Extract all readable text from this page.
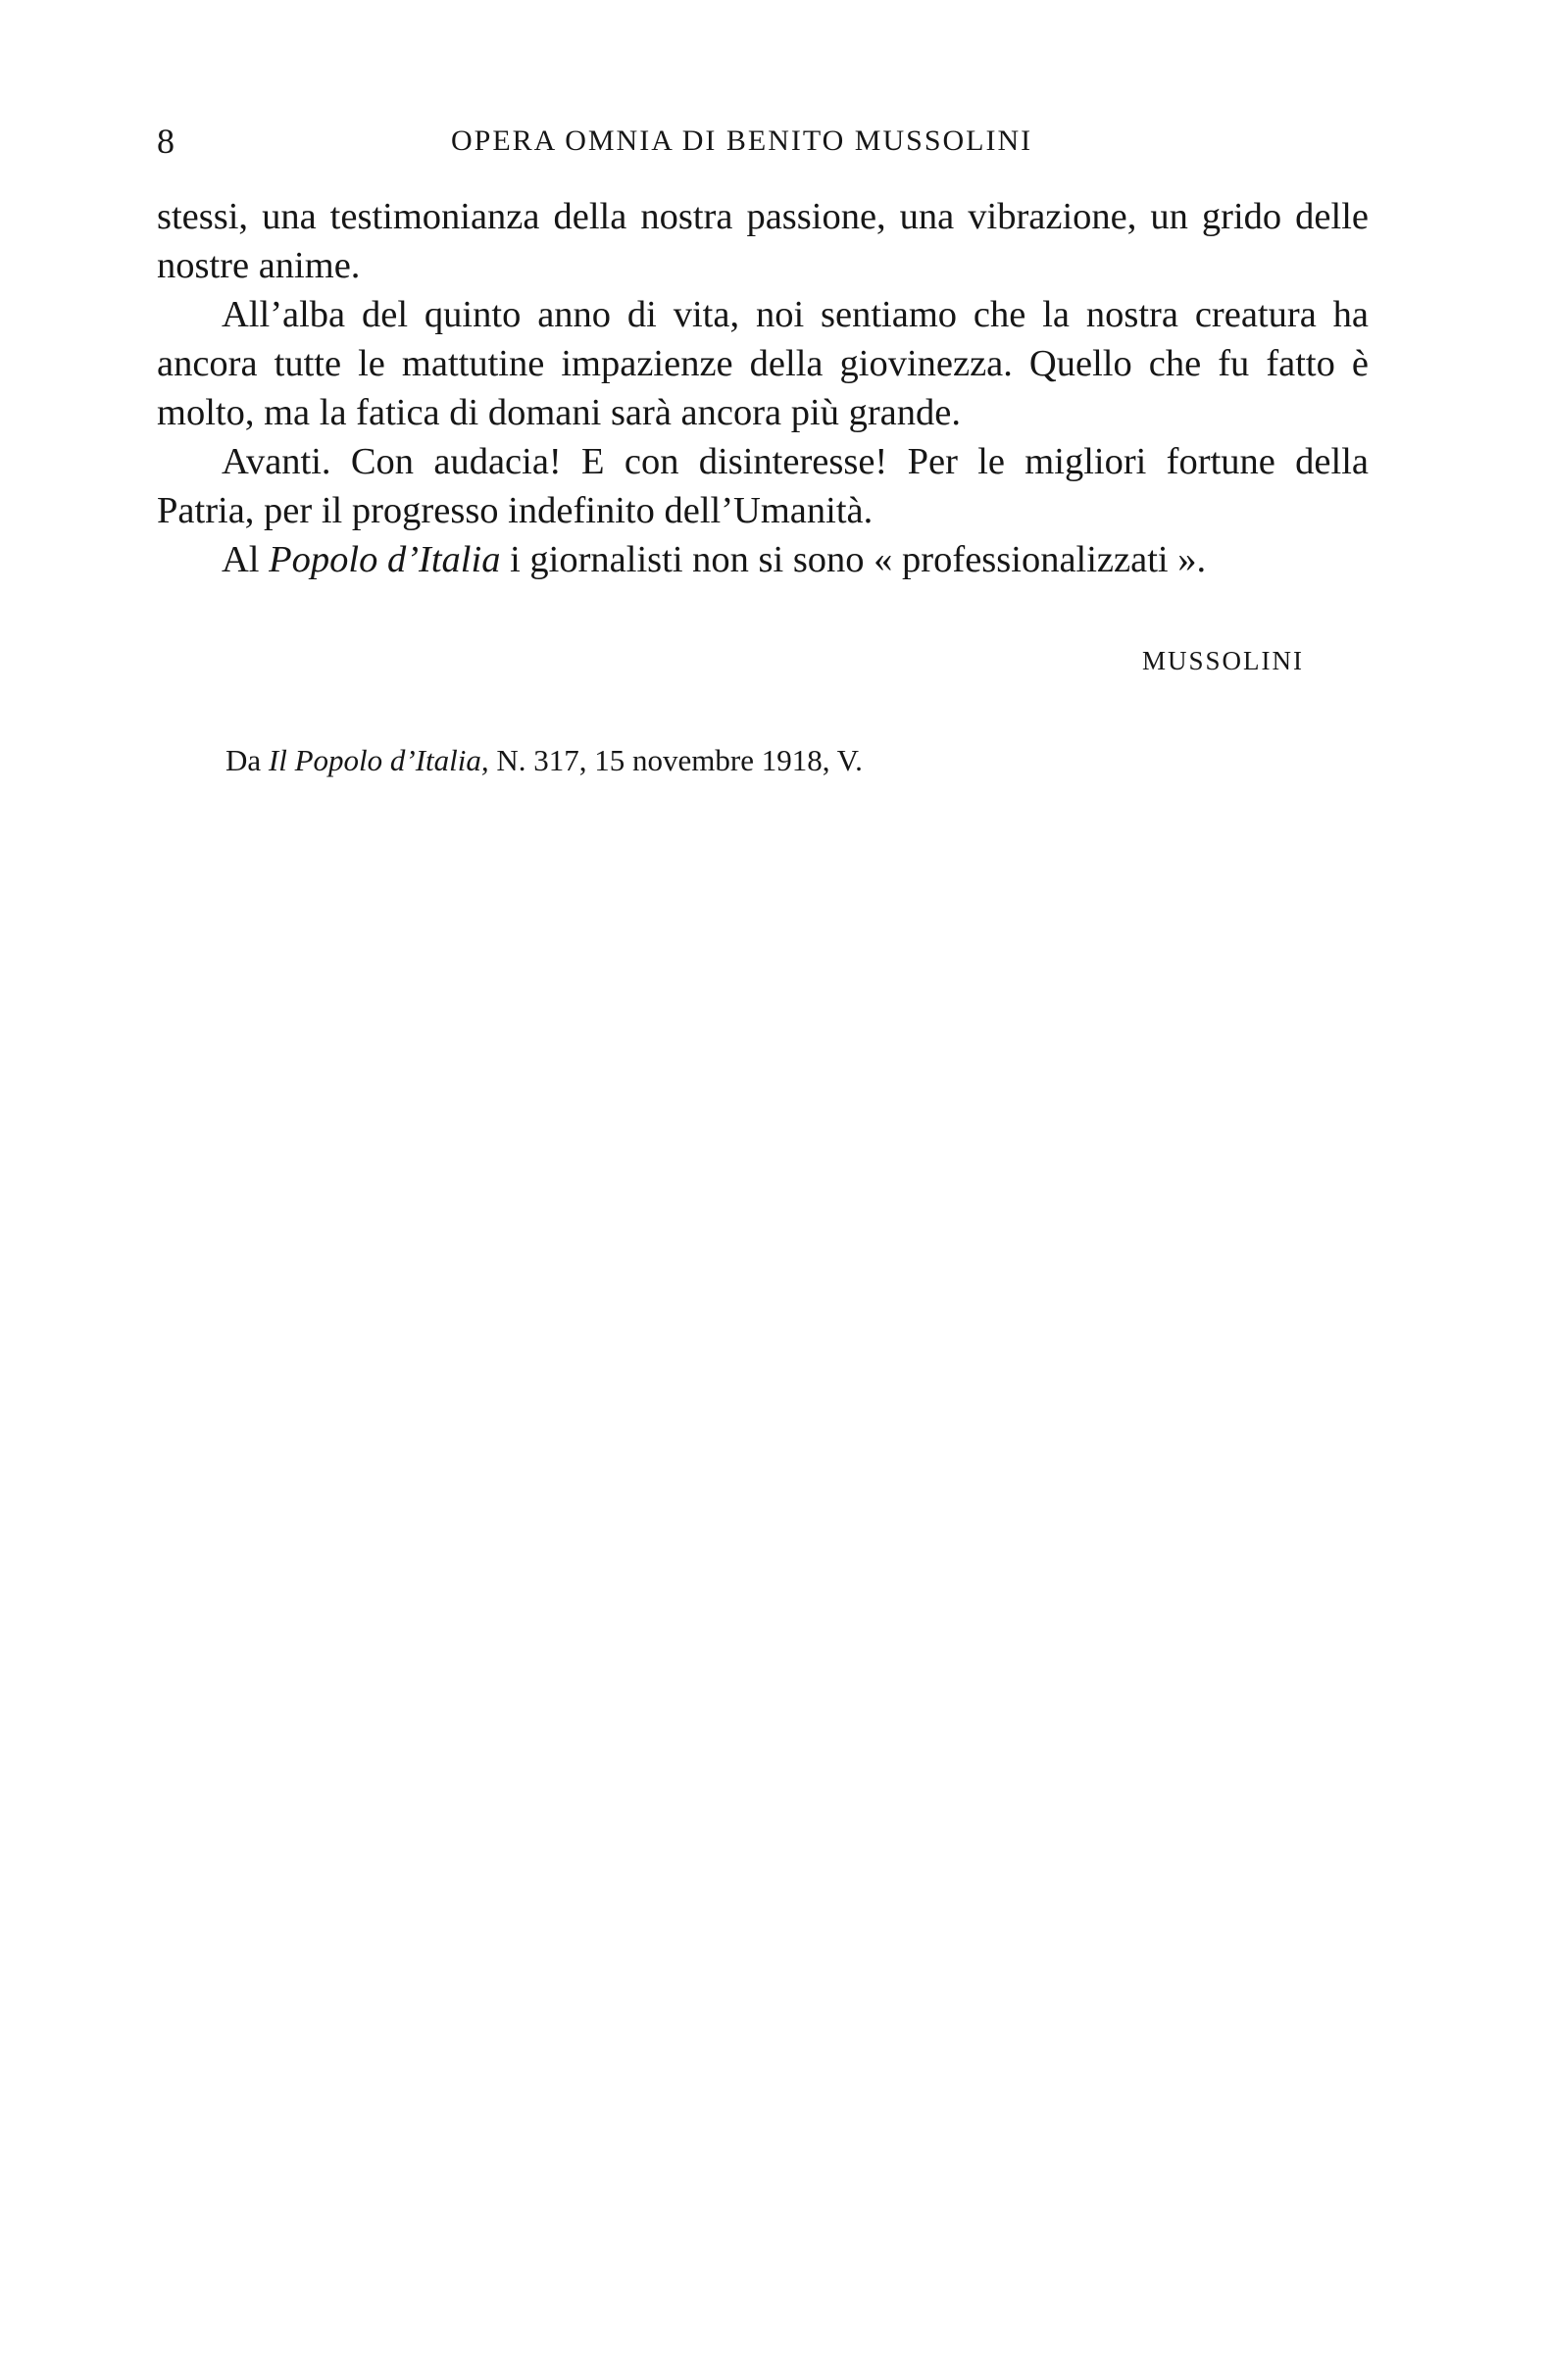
8	OPERA OMNIA DI BENITO MUSSOLINI

stessi, una testimonianza della nostra passione, una vibrazione, un grido delle nostre anime.

All’alba del quinto anno di vita, noi sentiamo che la nostra creatura ha ancora tutte le mattutine impazienze della giovinezza. Quello che fu fatto è molto, ma la fatica di domani sarà ancora più grande.

Avanti. Con audacia! E con disinteresse! Per le migliori fortune della Patria, per il progresso indefinito dell’Umanità.

Al Popolo d’Italia i giornalisti non si sono « professionalizzati ».

MUSSOLINI
Da Il Popolo d’Italia, N. 317, 15 novembre 1918, V.
